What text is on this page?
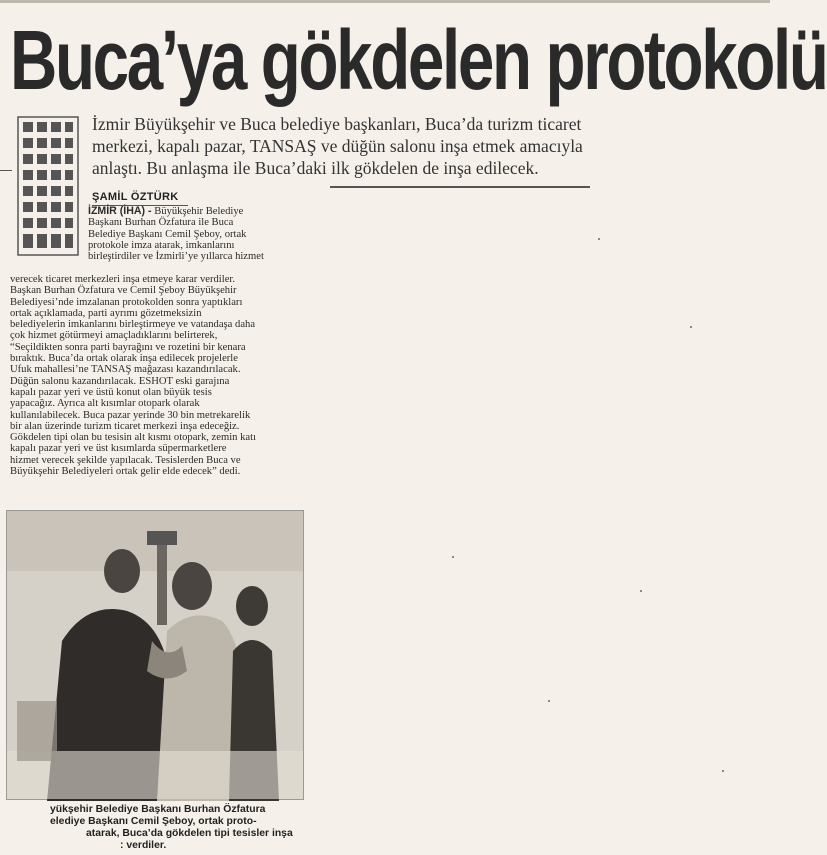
Buca’ya gökdelen protokolü
İzmir Büyükşehir ve Buca belediye başkanları, Buca’da turizm ticaret
merkezi, kapalı pazar, TANSAŞ ve düğün salonu inşa etmek amacıyla
anlaştı. Bu anlaşma ile Buca’daki ilk gökdelen de inşa edilecek.
ŞAMİL ÖZTÜRK
İZMİR (İHA) - Büyükşehir Belediye
Başkanı Burhan Özfatura ile Buca
Belediye Başkanı Cemil Şeboy, ortak
protokole imza atarak, imkanlarını
birleştirdiler ve İzmirli’ye yıllarca hizmet
verecek ticaret merkezleri inşa etmeye karar verdiler.
Başkan Burhan Özfatura ve Cemil Şeboy Büyükşehir
Belediyesi’nde imzalanan protokolden sonra yaptıkları
ortak açıklamada, parti ayrımı gözetmeksizin
belediyelerin imkanlarını birleştirmeye ve vatandaşa daha
çok hizmet götürmeyi amaçladıklarını belirterek,
“Seçildikten sonra parti bayrağını ve rozetini bir kenara
bıraktık. Buca’da ortak olarak inşa edilecek projelerle
Ufuk mahallesi’ne TANSAŞ mağazası kazandırılacak.
Düğün salonu kazandırılacak. ESHOT eski garajına
kapalı pazar yeri ve üstü konut olan büyük tesis
yapacağız. Ayrıca alt kısımlar otopark olarak
kullanılabilecek. Buca pazar yerinde 30 bin metrekarelik
bir alan üzerinde turizm ticaret merkezi inşa edeceğiz.
Gökdelen tipi olan bu tesisin alt kısmı otopark, zemin katı
kapalı pazar yeri ve üst kısımlarda süpermarketlere
hizmet verecek şekilde yapılacak. Tesislerden Buca ve
Büyükşehir Belediyeleri ortak gelir elde edecek” dedi.
yükşehir Belediye Başkanı Burhan Özfatura
elediye Başkanı Cemil Şeboy, ortak proto-
atarak, Buca’da gökdelen tipi tesisler inşa
: verdiler.
